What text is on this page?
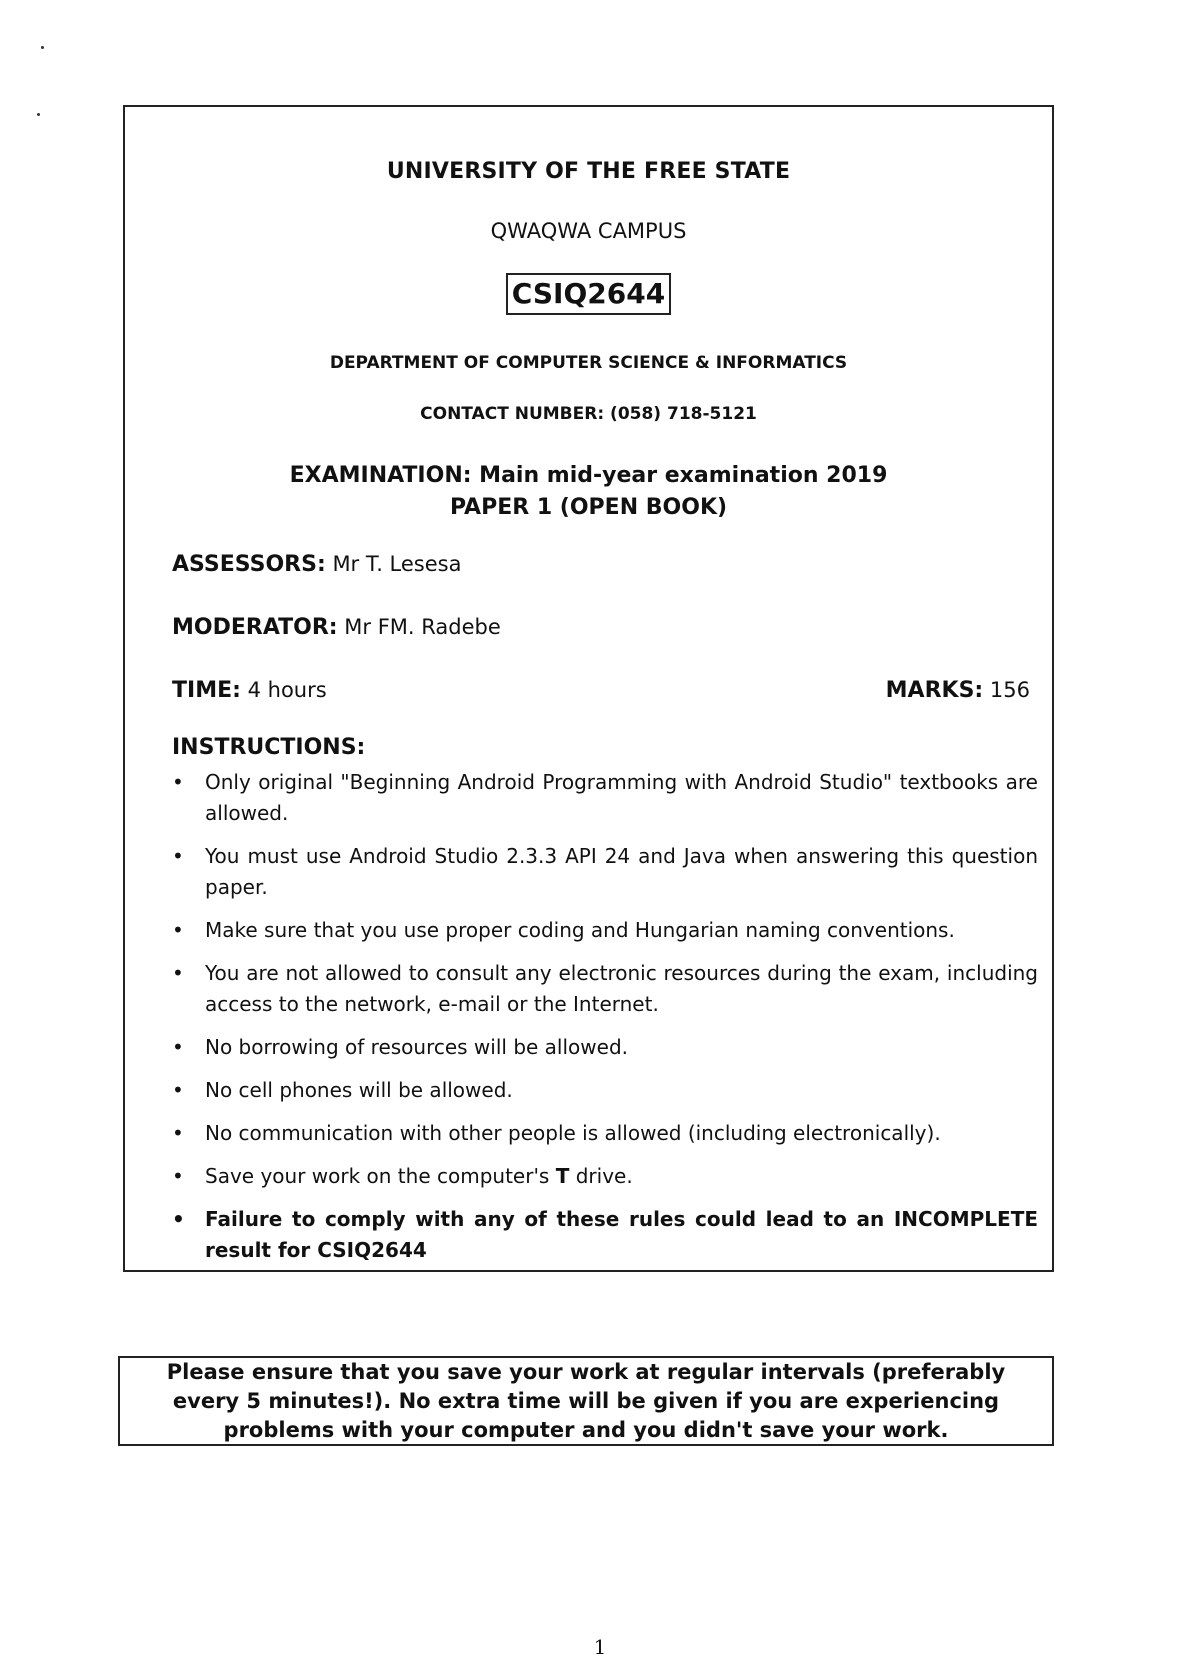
UNIVERSITY OF THE FREE STATE
QWAQWA CAMPUS
CSIQ2644
DEPARTMENT OF COMPUTER SCIENCE & INFORMATICS
CONTACT NUMBER: (058) 718-5121
EXAMINATION: Main mid-year examination 2019
PAPER 1 (OPEN BOOK)
ASSESSORS: Mr T. Lesesa
MODERATOR: Mr FM. Radebe
TIME: 4 hours	MARKS: 156
INSTRUCTIONS:
• Only original "Beginning Android Programming with Android Studio" textbooks are allowed.
• You must use Android Studio 2.3.3 API 24 and Java when answering this question paper.
• Make sure that you use proper coding and Hungarian naming conventions.
• You are not allowed to consult any electronic resources during the exam, including access to the network, e-mail or the Internet.
• No borrowing of resources will be allowed.
• No cell phones will be allowed.
• No communication with other people is allowed (including electronically).
• Save your work on the computer's T drive.
• Failure to comply with any of these rules could lead to an INCOMPLETE result for CSIQ2644
Please ensure that you save your work at regular intervals (preferably every 5 minutes!). No extra time will be given if you are experiencing problems with your computer and you didn't save your work.
1
